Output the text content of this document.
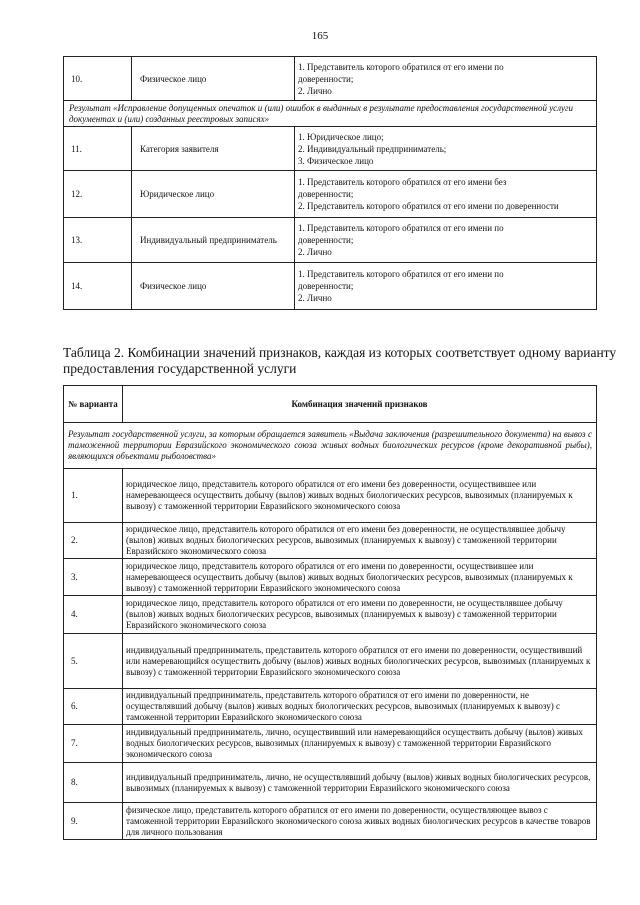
165
10.	Физическое лицо	1. Представитель которого обратился от его имени по
доверенности;
2. Лично

Результат «Исправление допущенных опечаток и (или) ошибок в выданных в результате предоставления государственной услуги документах и (или) созданных реестровых записях»		
11.	Категория заявителя	1. Юридическое лицо;
2. Индивидуальный предприниматель;
3. Физическое лицо

12.	Юридическое лицо	1. Представитель которого обратился от его имени без
доверенности;
2. Представитель которого обратился от его имени по доверенности

13.	Индивидуальный предприниматель	1. Представитель которого обратился от его имени по
доверенности;
2. Лично

14.	Физическое лицо	1. Представитель которого обратился от его имени по
доверенности;
2. Лично
Таблица 2. Комбинации значений признаков, каждая из которых соответствует одному варианту предоставления государственной услуги
№ варианта	Комбинация значений признаков
Результат государственной услуги, за которым обращается заявитель «Выдача заключения (разрешительного документа) на вывоз с таможенной территории Евразийского экономического союза живых водных биологических ресурсов (кроме декоративной рыбы), являющихся объектами рыболовства»	
1.	юридическое лицо, представитель которого обратился от его имени без доверенности, осуществившее или намеревающееся осуществить добычу (вылов) живых водных биологических ресурсов, вывозимых (планируемых к вывозу) с таможенной территории Евразийского экономического союза
2.	юридическое лицо, представитель которого обратился от его имени без доверенности, не осуществлявшее добычу (вылов) живых водных биологических ресурсов, вывозимых (планируемых к вывозу) с таможенной территории Евразийского экономического союза
3.	юридическое лицо, представитель которого обратился от его имени по доверенности, осуществившее или намеревающееся осуществить добычу (вылов) живых водных биологических ресурсов, вывозимых (планируемых к вывозу) с таможенной территории Евразийского экономического союза
4.	юридическое лицо, представитель которого обратился от его имени по доверенности, не осуществлявшее добычу (вылов) живых водных биологических ресурсов, вывозимых (планируемых к вывозу) с таможенной территории Евразийского экономического союза
5.	индивидуальный предприниматель, представитель которого обратился от его имени по доверенности, осуществивший или намеревающийся осуществить добычу (вылов) живых водных биологических ресурсов, вывозимых (планируемых к вывозу) с таможенной территории Евразийского экономического союза
6.	индивидуальный предприниматель, представитель которого обратился от его имени по доверенности, не осуществлявший добычу (вылов) живых водных биологических ресурсов, вывозимых (планируемых к вывозу) с таможенной территории Евразийского экономического союза
7.	индивидуальный предприниматель, лично, осуществивший или намеревающийся осуществить добычу (вылов) живых водных биологических ресурсов, вывозимых (планируемых к вывозу) с таможенной территории Евразийского экономического союза
8.	индивидуальный предприниматель, лично, не осуществлявший добычу (вылов) живых водных биологических ресурсов, вывозимых (планируемых к вывозу) с таможенной территории Евразийского экономического союза
9.	физическое лицо, представитель которого обратился от его имени по доверенности, осуществляющее вывоз с таможенной территории Евразийского экономического союза живых водных биологических ресурсов в качестве товаров для личного пользования
